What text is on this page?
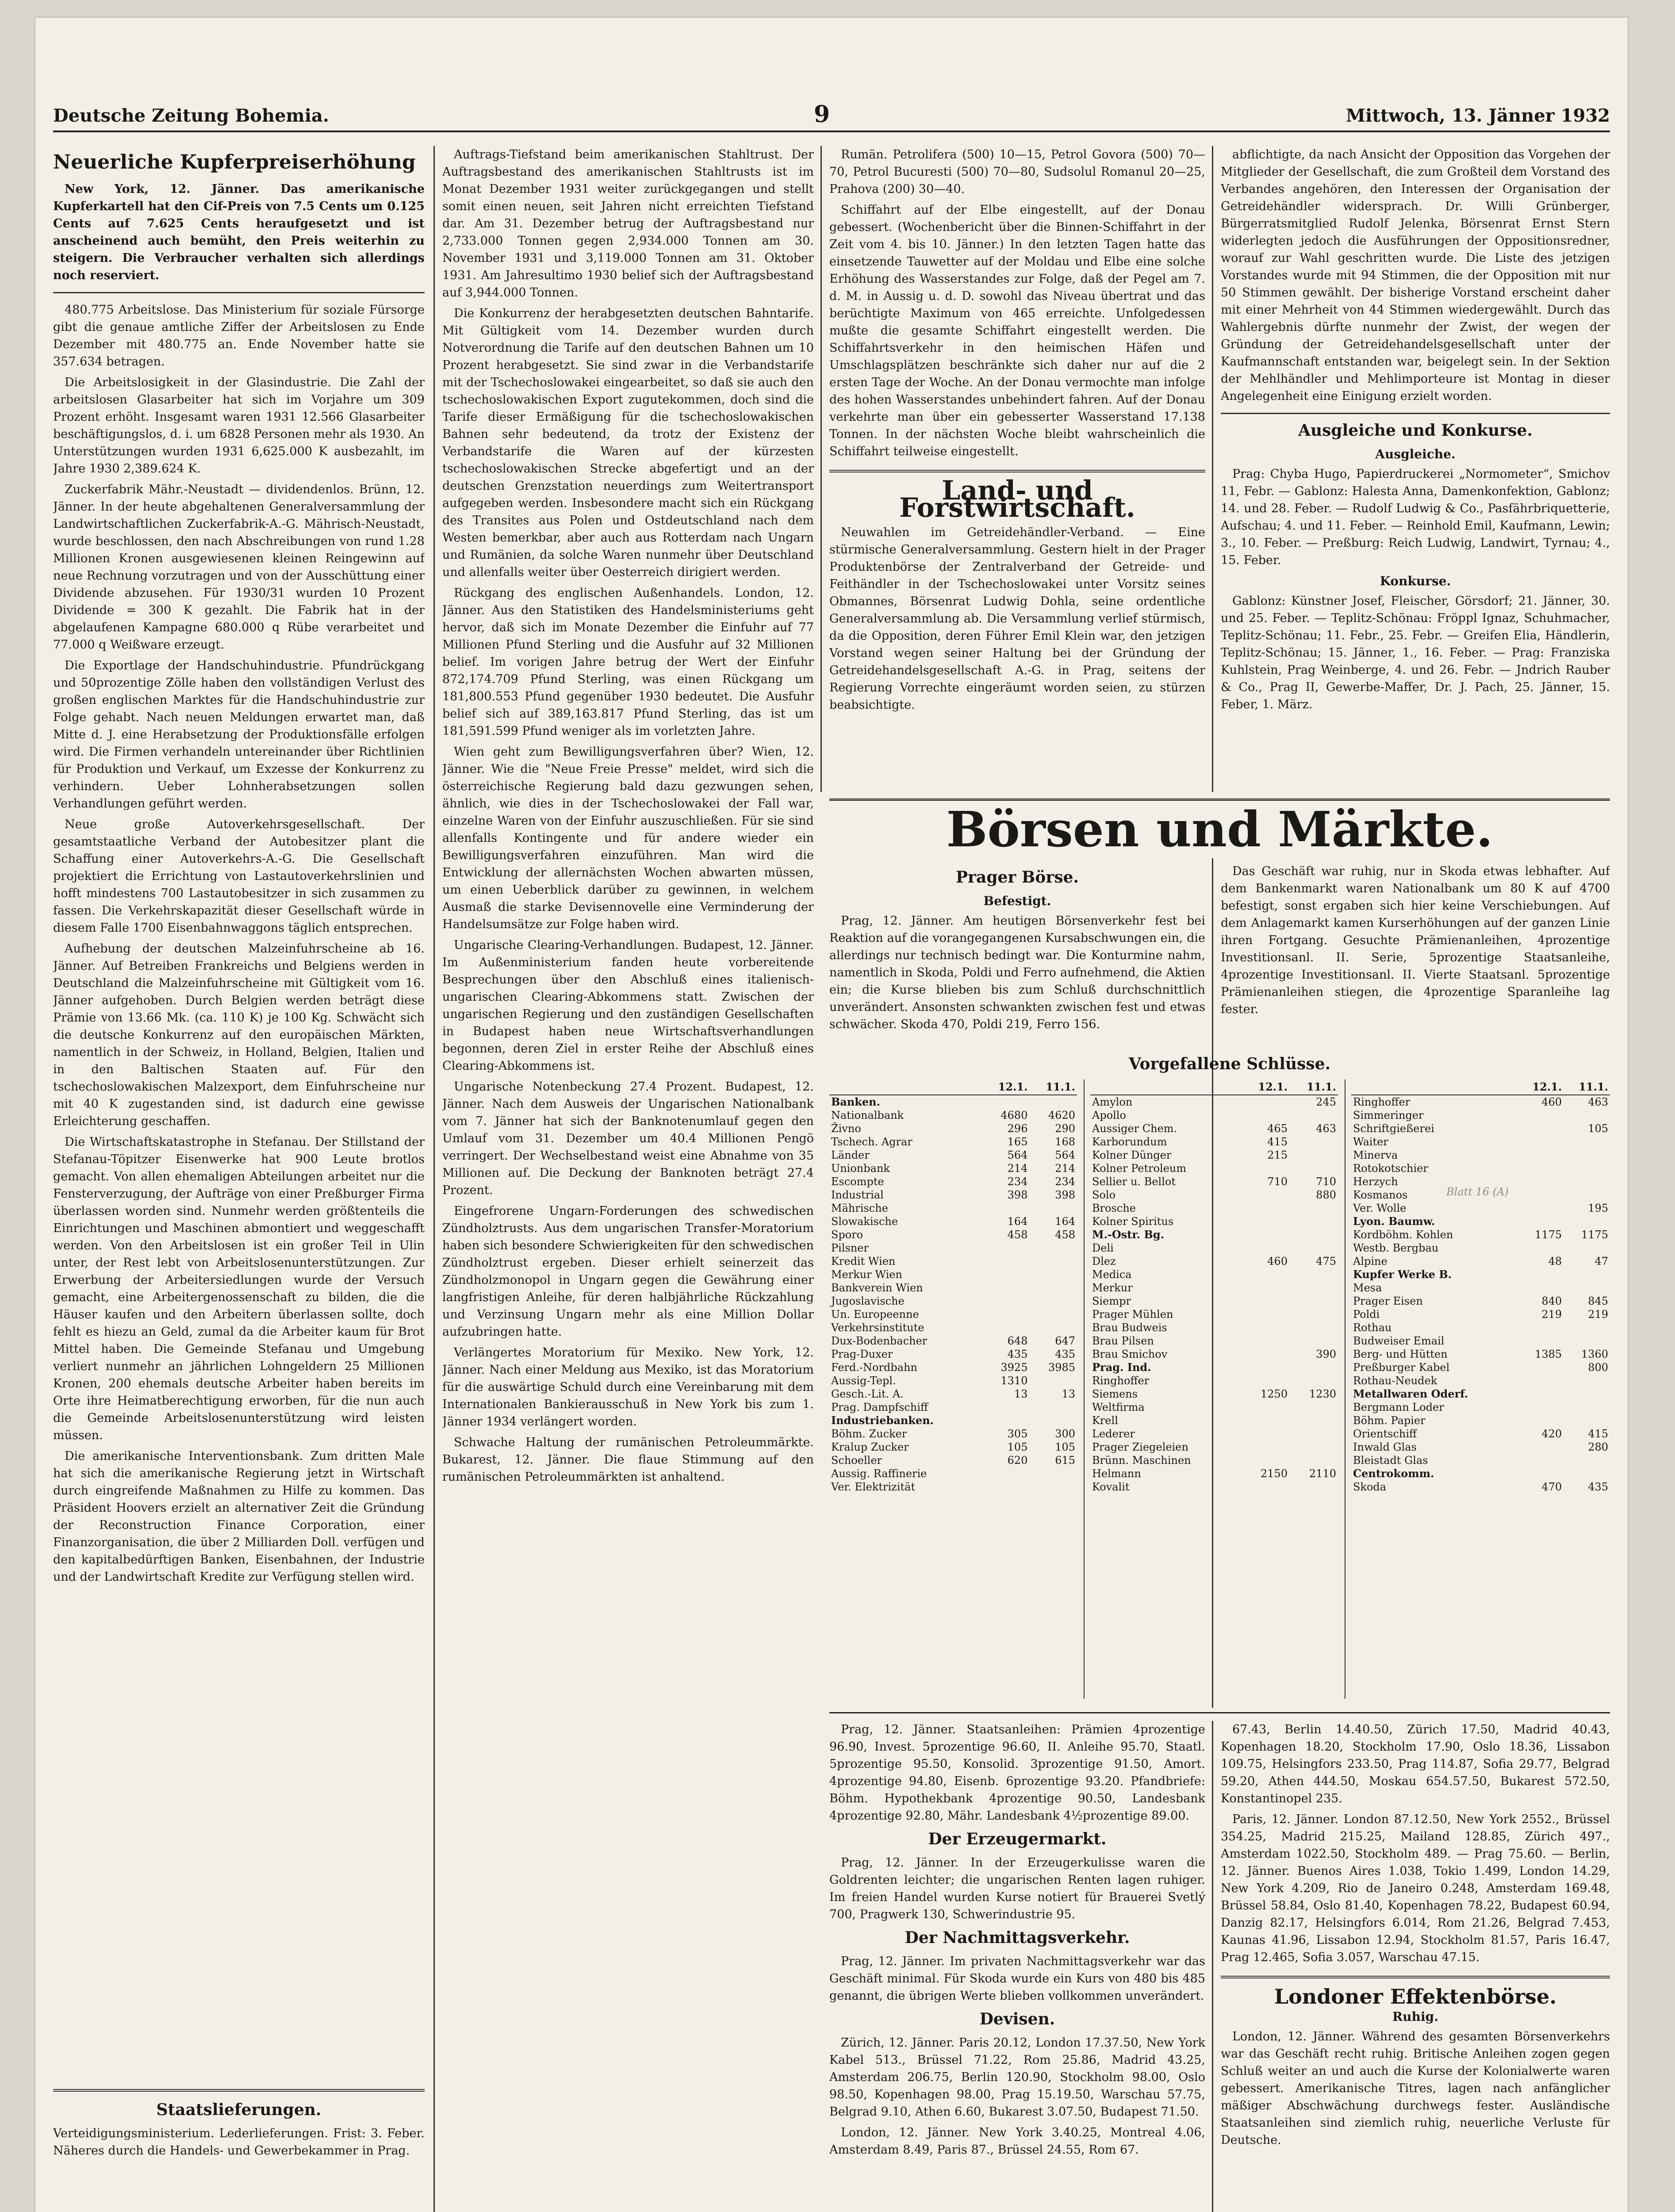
Deutsche Zeitung Bohemia.	9	Mittwoch, 13. Jänner 1932
Neuerliche Kupferpreiserhöhung

New York, 12. Jänner. Das amerikanische Kupferkartell hat den Cif-Preis von 7.5 Cents um 0.125 Cents auf 7.625 Cents heraufgesetzt und ist anscheinend auch bemüht, den Preis weiterhin zu steigern. Die Verbraucher verhalten sich allerdings noch reserviert.

480.775 Arbeitslose. Das Ministerium für soziale Fürsorge gibt die genaue amtliche Ziffer der Arbeitslosen zu Ende Dezember mit 480.775 an. Ende November hatte sie 357.634 betragen.

Die Arbeitslosigkeit in der Glasindustrie. Die Zahl der arbeitslosen Glasarbeiter hat sich im Vorjahre um 309 Prozent erhöht. Insgesamt waren 1931 12.566 Glasarbeiter beschäftigungslos, d. i. um 6828 Personen mehr als 1930. An Unterstützungen wurden 1931 6,625.000 K ausbezahlt, im Jahre 1930 2,389.624 K.

Zuckerfabrik Mähr.-Neustadt — dividendenlos. Brünn, 12. Jänner. In der heute abgehaltenen Generalversammlung der Landwirtschaftlichen Zuckerfabrik-A.-G. Mährisch-Neustadt, wurde beschlossen, den nach Abschreibungen von rund 1.28 Millionen Kronen ausgewiesenen kleinen Reingewinn auf neue Rechnung vorzutragen und von der Ausschüttung einer Dividende abzusehen. Für 1930/31 wurden 10 Prozent Dividende = 300 K gezahlt. Die Fabrik hat in der abgelaufenen Kampagne 680.000 q Rübe verarbeitet und 77.000 q Weißware erzeugt.

Die Exportlage der Handschuhindustrie. Pfundrückgang und 50prozentige Zölle haben den vollständigen Verlust des großen englischen Marktes für die Handschuhindustrie zur Folge gehabt. Nach neuen Meldungen erwartet man, daß Mitte d. J. eine Herabsetzung der Produktionsfälle erfolgen wird. Die Firmen verhandeln untereinander über Richtlinien für Produktion und Verkauf, um Exzesse der Konkurrenz zu verhindern. Ueber Lohnherabsetzungen sollen Verhandlungen geführt werden.

Neue große Autoverkehrsgesellschaft. Der gesamtstaatliche Verband der Autobesitzer plant die Schaffung einer Autoverkehrs-A.-G. Die Gesellschaft projektiert die Errichtung von Lastautoverkehrslinien und hofft mindestens 700 Lastautobesitzer in sich zusammen zu fassen. Die Verkehrskapazität dieser Gesellschaft würde in diesem Falle 1700 Eisenbahnwaggons täglich entsprechen.

Aufhebung der deutschen Malzeinfuhrscheine ab 16. Jänner. Auf Betreiben Frankreichs und Belgiens werden in Deutschland die Malzeinfuhrscheine mit Gültigkeit vom 16. Jänner aufgehoben. Durch Belgien werden beträgt diese Prämie von 13.66 Mk. (ca. 110 K) je 100 Kg. Schwächt sich die deutsche Konkurrenz auf den europäischen Märkten, namentlich in der Schweiz, in Holland, Belgien, Italien und in den Baltischen Staaten auf. Für den tschechoslowakischen Malzexport, dem Einfuhrscheine nur mit 40 K zugestanden sind, ist dadurch eine gewisse Erleichterung geschaffen.

Die Wirtschaftskatastrophe in Stefanau. Der Stillstand der Stefanau-Töpitzer Eisenwerke hat 900 Leute brotlos gemacht. Von allen ehemaligen Abteilungen arbeitet nur die Fensterverzugung, der Aufträge von einer Preßburger Firma überlassen worden sind. Nunmehr werden größtenteils die Einrichtungen und Maschinen abmontiert und weggeschafft werden. Von den Arbeitslosen ist ein großer Teil in Ulin unter, der Rest lebt von Arbeitslosenunterstützungen. Zur Erwerbung der Arbeitersiedlungen wurde der Versuch gemacht, eine Arbeitergenossenschaft zu bilden, die die Häuser kaufen und den Arbeitern überlassen sollte, doch fehlt es hiezu an Geld, zumal da die Arbeiter kaum für Brot Mittel haben. Die Gemeinde Stefanau und Umgebung verliert nunmehr an jährlichen Lohngeldern 25 Millionen Kronen, 200 ehemals deutsche Arbeiter haben bereits im Orte ihre Heimatberechtigung erworben, für die nun auch die Gemeinde Arbeitslosenunterstützung wird leisten müssen.

Die amerikanische Interventionsbank. Zum dritten Male hat sich die amerikanische Regierung jetzt in Wirtschaft durch eingreifende Maßnahmen zu Hilfe zu kommen. Das Präsident Hoovers erzielt an alternativer Zeit die Gründung der Reconstruction Finance Corporation, einer Finanzorganisation, die über 2 Milliarden Doll. verfügen und den kapitalbedürftigen Banken, Eisenbahnen, der Industrie und der Landwirtschaft Kredite zur Verfügung stellen wird.

Staatslieferungen.

Verteidigungsministerium. Lederlieferungen. Frist: 3. Feber. Näheres durch die Handels- und Gewerbekammer in Prag.

Auftrags-Tiefstand beim amerikanischen Stahltrust. Der Auftragsbestand des amerikanischen Stahltrusts ist im Monat Dezember 1931 weiter zurückgegangen und stellt somit einen neuen, seit Jahren nicht erreichten Tiefstand dar. Am 31. Dezember betrug der Auftragsbestand nur 2,733.000 Tonnen gegen 2,934.000 Tonnen am 30. November 1931 und 3,119.000 Tonnen am 31. Oktober 1931. Am Jahresultimo 1930 belief sich der Auftragsbestand auf 3,944.000 Tonnen.

Die Konkurrenz der herabgesetzten deutschen Bahntarife. Mit Gültigkeit vom 14. Dezember wurden durch Notverordnung die Tarife auf den deutschen Bahnen um 10 Prozent herabgesetzt. Sie sind zwar in die Verbandstarife mit der Tschechoslowakei eingearbeitet, so daß sie auch den tschechoslowakischen Export zugutekommen, doch sind die Tarife dieser Ermäßigung für die tschechoslowakischen Bahnen sehr bedeutend, da trotz der Existenz der Verbandstarife die Waren auf der kürzesten tschechoslowakischen Strecke abgefertigt und an der deutschen Grenzstation neuerdings zum Weitertransport aufgegeben werden. Insbesondere macht sich ein Rückgang des Transites aus Polen und Ostdeutschland nach dem Westen bemerkbar, aber auch aus Rotterdam nach Ungarn und Rumänien, da solche Waren nunmehr über Deutschland und allenfalls weiter über Oesterreich dirigiert werden.

Rückgang des englischen Außenhandels. London, 12. Jänner. Aus den Statistiken des Handelsministeriums geht hervor, daß sich im Monate Dezember die Einfuhr auf 77 Millionen Pfund Sterling und die Ausfuhr auf 32 Millionen belief. Im vorigen Jahre betrug der Wert der Einfuhr 872,174.709 Pfund Sterling, was einen Rückgang um 181,800.553 Pfund gegenüber 1930 bedeutet. Die Ausfuhr belief sich auf 389,163.817 Pfund Sterling, das ist um 181,591.599 Pfund weniger als im vorletzten Jahre.

Wien geht zum Bewilligungsverfahren über? Wien, 12. Jänner. Wie die "Neue Freie Presse" meldet, wird sich die österreichische Regierung bald dazu gezwungen sehen, ähnlich, wie dies in der Tschechoslowakei der Fall war, einzelne Waren von der Einfuhr auszuschließen. Für sie sind allenfalls Kontingente und für andere wieder ein Bewilligungsverfahren einzuführen. Man wird die Entwicklung der allernächsten Wochen abwarten müssen, um einen Ueberblick darüber zu gewinnen, in welchem Ausmaß die starke Devisennovelle eine Verminderung der Handelsumsätze zur Folge haben wird.

Ungarische Clearing-Verhandlungen. Budapest, 12. Jänner. Im Außenministerium fanden heute vorbereitende Besprechungen über den Abschluß eines italienisch-ungarischen Clearing-Abkommens statt. Zwischen der ungarischen Regierung und den zuständigen Gesellschaften in Budapest haben neue Wirtschaftsverhandlungen begonnen, deren Ziel in erster Reihe der Abschluß eines Clearing-Abkommens ist.

Ungarische Notenbeckung 27.4 Prozent. Budapest, 12. Jänner. Nach dem Ausweis der Ungarischen Nationalbank vom 7. Jänner hat sich der Banknotenumlauf gegen den Umlauf vom 31. Dezember um 40.4 Millionen Pengö verringert. Der Wechselbestand weist eine Abnahme von 35 Millionen auf. Die Deckung der Banknoten beträgt 27.4 Prozent.

Eingefrorene Ungarn-Forderungen des schwedischen Zündholztrusts. Aus dem ungarischen Transfer-Moratorium haben sich besondere Schwierigkeiten für den schwedischen Zündholztrust ergeben. Dieser erhielt seinerzeit das Zündholzmonopol in Ungarn gegen die Gewährung einer langfristigen Anleihe, für deren halbjährliche Rückzahlung und Verzinsung Ungarn mehr als eine Million Dollar aufzubringen hatte.

Verlängertes Moratorium für Mexiko. New York, 12. Jänner. Nach einer Meldung aus Mexiko, ist das Moratorium für die auswärtige Schuld durch eine Vereinbarung mit dem Internationalen Bankierausschuß in New York bis zum 1. Jänner 1934 verlängert worden.

Schwache Haltung der rumänischen Petroleummärkte. Bukarest, 12. Jänner. Die flaue Stimmung auf den rumänischen Petroleummärkten ist anhaltend.

Rumän. Petroliferа (500) 10—15, Petrol Govora (500) 70—70, Petrol Bucuresti (500) 70—80, Sudsolul Romanul 20—25, Prahova (200) 30—40.

Schiffahrt auf der Elbe eingestellt, auf der Donau gebessert. (Wochenbericht über die Binnen-Schiffahrt in der Zeit vom 4. bis 10. Jänner.) In den letzten Tagen hatte das einsetzende Tauwetter auf der Moldau und Elbe eine solche Erhöhung des Wasserstandes zur Folge, daß der Pegel am 7. d. M. in Aussig u. d. D. sowohl das Niveau übertrat und das berüchtigte Maximum von 465 erreichte. Unfolgedessen mußte die gesamte Schiffahrt eingestellt werden. Die Schiffahrtsverkehr in den heimischen Häfen und Umschlagsplätzen beschränkte sich daher nur auf die 2 ersten Tage der Woche. An der Donau vermochte man infolge des hohen Wasserstandes unbehindert fahren. Auf der Donau verkehrte man über ein gebesserter Wasserstand 17.138 Tonnen. In der nächsten Woche bleibt wahrscheinlich die Schiffahrt teilweise eingestellt.

Land- und Forstwirtschaft.

Neuwahlen im Getreidehändler-Verband. — Eine stürmische Generalversammlung. Gestern hielt in der Prager Produktenbörse der Zentralverband der Getreide- und Feithändler in der Tschechoslowakei unter Vorsitz seines Obmannes, Börsenrat Ludwig Dohla, seine ordentliche Generalversammlung ab. Die Versammlung verlief stürmisch, da die Opposition, deren Führer Emil Klein war, den jetzigen Vorstand wegen seiner Haltung bei der Gründung der Getreidehandelsgesellschaft A.-G. in Prag, seitens der Regierung Vorrechte eingeräumt worden seien, zu stürzen beabsichtigte.

abflichtigte, da nach Ansicht der Opposition das Vorgehen der Mitglieder der Gesellschaft, die zum Großteil dem Vorstand des Verbandes angehören, den Interessen der Organisation der Getreidehändler widersprach. Dr. Willi Grünberger, Bürgerratsmitglied Rudolf Jelenka, Börsenrat Ernst Stern widerlegten jedoch die Ausführungen der Oppositionsredner, worauf zur Wahl geschritten wurde. Die Liste des jetzigen Vorstandes wurde mit 94 Stimmen, die der Opposition mit nur 50 Stimmen gewählt. Der bisherige Vorstand erscheint daher mit einer Mehrheit von 44 Stimmen wiedergewählt. Durch das Wahlergebnis dürfte nunmehr der Zwist, der wegen der Gründung der Getreidehandelsgesellschaft unter der Kaufmannschaft entstanden war, beigelegt sein. In der Sektion der Mehlhändler und Mehlimporteure ist Montag in dieser Angelegenheit eine Einigung erzielt worden.

Ausgleiche und Konkurse.
Ausgleiche.

Prag: Chyba Hugo, Papierdruckerei „Normometer“, Smichov 11, Febr. — Gablonz: Halesta Anna, Damenkonfektion, Gablonz; 14. und 28. Feber. — Rudolf Ludwig & Co., Pasfährbriquetterie, Aufschau; 4. und 11. Feber. — Reinhold Emil, Kaufmann, Lewin; 3., 10. Feber. — Preßburg: Reich Ludwig, Landwirt, Tyrnau; 4., 15. Feber.

Konkurse.

Gablonz: Künstner Josef, Fleischer, Görsdorf; 21. Jänner, 30. und 25. Feber. — Teplitz-Schönau: Fröppl Ignaz, Schuhmacher, Teplitz-Schönau; 11. Febr., 25. Febr. — Greifen Elia, Händlerin, Teplitz-Schönau; 15. Jänner, 1., 16. Feber. — Prag: Franziska Kuhlstein, Prag Weinberge, 4. und 26. Febr. — Jndrich Rauber & Co., Prag II, Gewerbe-Maffer, Dr. J. Pach, 25. Jänner, 15. Feber, 1. März.

Börsen und Märkte.
Prager Börse.
Befestigt.

Prag, 12. Jänner. Am heutigen Börsenverkehr fest bei Reaktion auf die vorangegangenen Kursabschwungen ein, die allerdings nur technisch bedingt war. Die Konturmine nahm, namentlich in Skoda, Poldi und Ferro aufnehmend, die Aktien ein; die Kurse blieben bis zum Schluß durchschnittlich unverändert. Ansonsten schwankten zwischen fest und etwas schwächer. Skoda 470, Poldi 219, Ferro 156.

Das Geschäft war ruhig, nur in Skoda etwas lebhafter. Auf dem Bankenmarkt waren Nationalbank um 80 K auf 4700 befestigt, sonst ergaben sich hier keine Verschiebungen. Auf dem Anlagemarkt kamen Kurserhöhungen auf der ganzen Linie ihren Fortgang. Gesuchte Prämienanleihen, 4prozentige Investitionsanl. II. Serie, 5prozentige Staatsanleihe, 4prozentige Investitionsanl. II. Vierte Staatsanl. 5prozentige Prämienanleihen stiegen, die 4prozentige Sparanleihe lag fester.

Vorgefallene Schlüsse.
	12.1.	11.1.
Banken.		
Nationalbank	4680	4620
Živno	296	290
Tschech. Agrar	165	168
Länder	564	564
Unionbank	214	214
Escompte	234	234
Industrial	398	398
Mährische		
Slowakische	164	164
Sporo	458	458
Pilsner		
Kredit Wien		
Merkur Wien		
Bankverein Wien		
Jugoslavische		
Un. Europeenne		
Verkehrsinstitute		
Dux-Bodenbacher	648	647
Prag-Duxer	435	435
Ferd.-Nordbahn	3925	3985
Aussig-Tepl.	1310	
Gesch.-Lit. A.	13	13
Prag. Dampfschiff		
Industriebanken.		
Böhm. Zucker	305	300
Kralup Zucker	105	105
Schoeller	620	615
Aussig. Raffinerie		
Ver. Elektrizität		
	12.1.	11.1.
Amylon		245
Apollo		
Aussiger Chem.	465	463
Karborundum	415	
Kolner Dünger	215	
Kolner Petroleum		
Sellier u. Bellot	710	710
Solo		880
Brosche		
Kolner Spiritus		
M.-Ostr. Bg.		
Deli		
Dlez	460	475
Medica		
Merkur		
Siempr		
Prager Mühlen		
Brau Budweis		
Brau Pilsen		
Brau Smichov		390
Prag. Ind.		
Ringhoffer		
Siemens	1250	1230
Weltfirma		
Krell		
Lederer		
Prager Ziegeleien		
Brünn. Maschinen		
Helmann	2150	2110
Kovalit		
	12.1.	11.1.
Ringhoffer	460	463
Simmeringer		
Schriftgießerei		105
Waiter		
Minerva		
Rotokotschier		
Herzych		
Kosmanos		
Ver. Wolle		195
Lyon. Baumw.		
Kordböhm. Kohlen	1175	1175
Westb. Bergbau		
Alpine	48	47
Kupfer Werke B.		
Mesa		
Prager Eisen	840	845
Poldi	219	219
Rothau		
Budweiser Email		
Berg- und Hütten	1385	1360
Preßburger Kabel		800
Rothau-Neudek		
Metallwaren Oderf.		
Bergmann Loder		
Böhm. Papier		
Orientschiff	420	415
Inwald Glas		280
Bleistadt Glas		
Centrokomm.		
Skoda	470	435

Prag, 12. Jänner. Staatsanleihen: Prämien 4prozentige 96.90, Invest. 5prozentige 96.60, II. Anleihe 95.70, Staatl. 5prozentige 95.50, Konsolid. 3prozentige 91.50, Amort. 4prozentige 94.80, Eisenb. 6prozentige 93.20. Pfandbriefe: Böhm. Hypothekbank 4prozentige 90.50, Landesbank 4prozentige 92.80, Mähr. Landesbank 4½prozentige 89.00.

Der Erzeugermarkt.

Prag, 12. Jänner. In der Erzeugerkulisse waren die Goldrenten leichter; die ungarischen Renten lagen ruhiger. Im freien Handel wurden Kurse notiert für Brauerei Svetlý 700, Pragwerk 130, Schwerindustrie 95.

Der Nachmittagsverkehr.

Prag, 12. Jänner. Im privaten Nachmittagsverkehr war das Geschäft minimal. Für Skoda wurde ein Kurs von 480 bis 485 genannt, die übrigen Werte blieben vollkommen unverändert.

Devisen.

Zürich, 12. Jänner. Paris 20.12, London 17.37.50, New York Kabel 513., Brüssel 71.22, Rom 25.86, Madrid 43.25, Amsterdam 206.75, Berlin 120.90, Stockholm 98.00, Oslo 98.50, Kopenhagen 98.00, Prag 15.19.50, Warschau 57.75, Belgrad 9.10, Athen 6.60, Bukarest 3.07.50, Budapest 71.50.

London, 12. Jänner. New York 3.40.25, Montreal 4.06, Amsterdam 8.49, Paris 87., Brüssel 24.55, Rom 67.

67.43, Berlin 14.40.50, Zürich 17.50, Madrid 40.43, Kopenhagen 18.20, Stockholm 17.90, Oslo 18.36, Lissabon 109.75, Helsingfors 233.50, Prag 114.87, Sofia 29.77, Belgrad 59.20, Athen 444.50, Moskau 654.57.50, Bukarest 572.50, Konstantinopel 235.

Paris, 12. Jänner. London 87.12.50, New York 2552., Brüssel 354.25, Madrid 215.25, Mailand 128.85, Zürich 497., Amsterdam 1022.50, Stockholm 489. — Prag 75.60. — Berlin, 12. Jänner. Buenos Aires 1.038, Tokio 1.499, London 14.29, New York 4.209, Rio de Janeiro 0.248, Amsterdam 169.48, Brüssel 58.84, Oslo 81.40, Kopenhagen 78.22, Budapest 60.94, Danzig 82.17, Helsingfors 6.014, Rom 21.26, Belgrad 7.453, Kaunas 41.96, Lissabon 12.94, Stockholm 81.57, Paris 16.47, Prag 12.465, Sofia 3.057, Warschau 47.15.

Londoner Effektenbörse.
Ruhig.

London, 12. Jänner. Während des gesamten Börsenverkehrs war das Geschäft recht ruhig. Britische Anleihen zogen gegen Schluß weiter an und auch die Kurse der Kolonialwerte waren gebessert. Amerikanische Titres, lagen nach anfänglicher mäßiger Abschwächung durchwegs fester. Ausländische Staatsanleihen sind ziemlich ruhig, neuerliche Verluste für Deutsche.

Blatt 16 (A)
